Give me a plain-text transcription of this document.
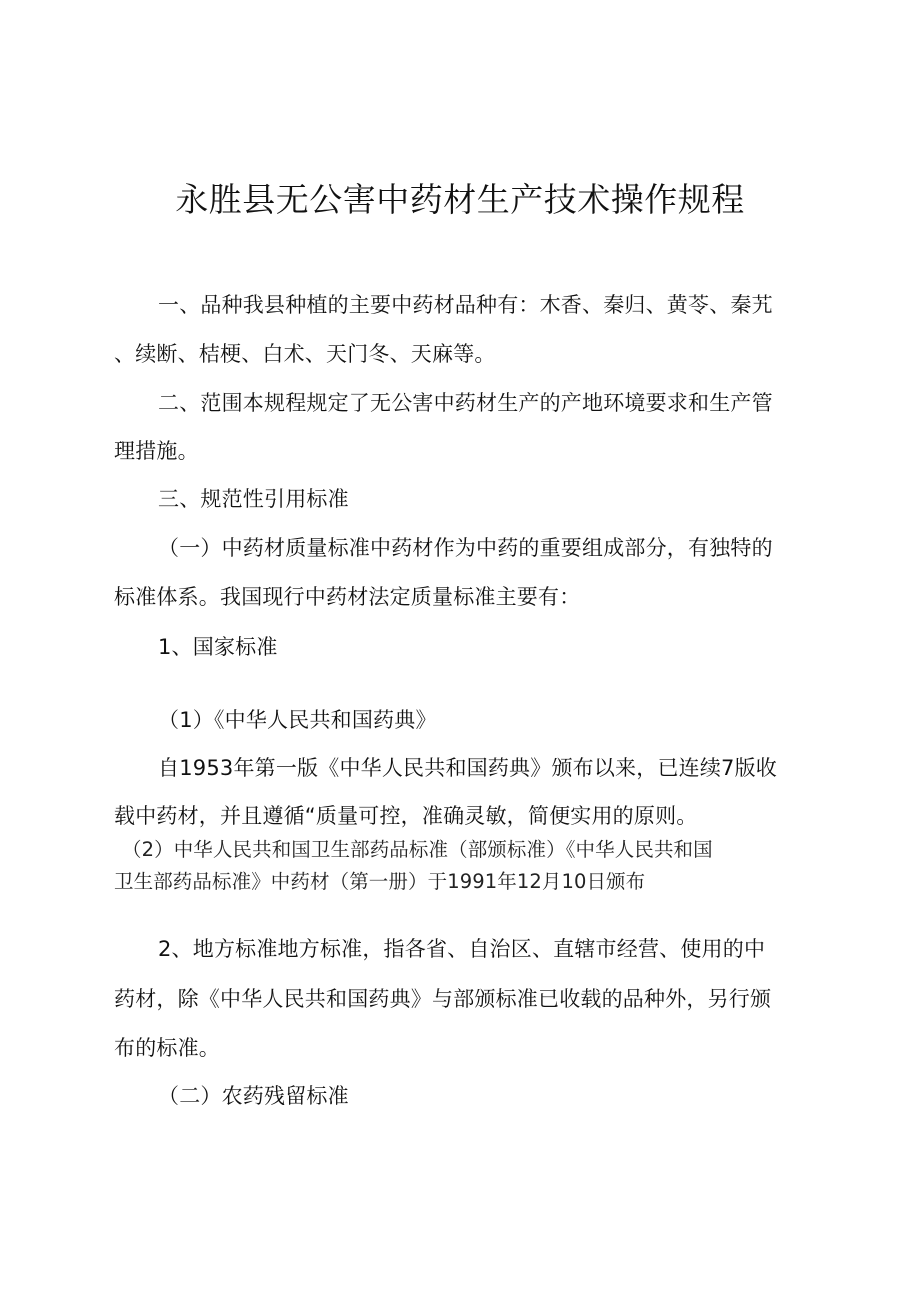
永胜县无公害中药材生产技术操作规程
一、品种我县种植的主要中药材品种有：木香、秦归、黄苓、秦艽
、续断、桔梗、白术、天门冬、天麻等。
二、范围本规程规定了无公害中药材生产的产地环境要求和生产管
理措施。
三、规范性引用标准
（一）中药材质量标准中药材作为中药的重要组成部分，有独特的
标准体系。我国现行中药材法定质量标准主要有：
1、国家标准
（1）《中华人民共和国药典》
自1953年第一版《中华人民共和国药典》颁布以来，已连续7版收
载中药材，并且遵循“质量可控，准确灵敏，简便实用的原则。
（2）中华人民共和国卫生部药品标准（部颁标准）《中华人民共和国
卫生部药品标准》中药材（第一册）于1991年12月10日颁布
2、地方标准地方标准，指各省、自治区、直辖市经营、使用的中
药材，除《中华人民共和国药典》与部颁标准已收载的品种外，另行颁
布的标准。
（二）农药残留标准
